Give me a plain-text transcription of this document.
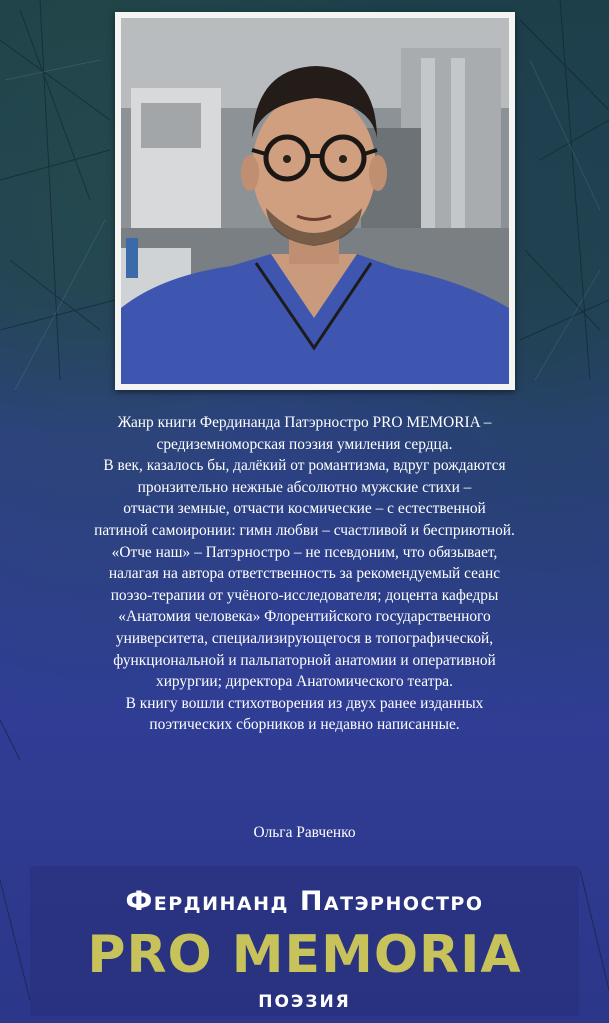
Жанр книги Фердинанда Патэрностро PRO MEMORIA –
средиземноморская поэзия умиления сердца.
В век, казалось бы, далёкий от романтизма, вдруг рождаются
пронзительно нежные абсолютно мужские стихи –
отчасти земные, отчасти космические – с естественной
патиной самоиронии: гимн любви – счастливой и бесприютной.
«Отче наш» – Патэрностро – не псевдоним, что обязывает,
налагая на автора ответственность за рекомендуемый сеанс
поэзо-терапии от учёного-исследователя; доцента кафедры
«Анатомия человека» Флорентийского государственного
университета, специализирующегося в топографической,
функциональной и пальпаторной анатомии и оперативной
хирургии; директора Анатомического театра.
В книгу вошли стихотворения из двух ранее изданных
поэтических сборников и недавно написанные.
Ольга Равченко
Фердинанд Патэрностро
PRO MEMORIA
поэзия
